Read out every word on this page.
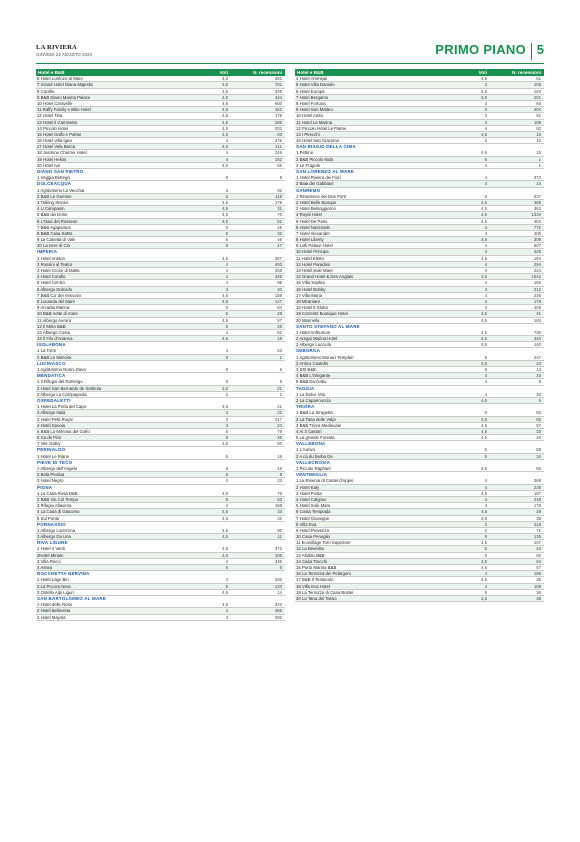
LA RIVIERA
GIOVEDÌ 22 AGOSTO 2024	PRIMO PIANO 5
Hotel e B&B	Voti	N. recensioni
6 Hotel Lorenzo al Mare	4,5	381
7 Grand Hotel Diana Majestic	4,5	781
8 Corallo	4,5	328
9 B&B Diano Marina Palace	4,5	444
10 Hotel Caravelle	4,5	650
11 Raffy Family e Bike Hotel	4,5	462
12 Hotel Tina	4,5	178
13 Hotel Il Caminetto	4,5	286
14 Piccolo Hotel	4,5	202
15 Hotel Golfo e Palme	4,5	63
16 Hotel Villa Igea	4	376
17 Hotel Vela Barca	4,5	211
18 Jasmine Charme Hotel	4	245
19 Hotel Helios	4	162
20 Hotel Iva	4,5	66
DIANO SAN PIETRO
1 Veggia Bottega	5	8
DOLCEACQUA
1 Agriturismo La Vecchia	3	92
2 B&B Le Gemme	5	119
3 Talking Stones	4,5	179
4 U Campanin	4,5	31
5 B&B dei Dorie	4,5	70
6 L'Oasi del Rossese	4,5	51
7 B&B Agapantus	5	45
8 B&B Casa KaRa	5	32
9 La Casetta di Vale	5	46
10 La torre di Clo	5	17
IMPERIA
1 Hotel Ariston	4,5	367
2 Rossini al Teatro	4	493
3 Hotel Croce di Malta	4	255
4 Hotel Corallo	4	348
5 Hotel Centro	4	98
6 Albergo Dolcedo	4	40
7 B&B Ca' del Vescovo	4,5	159
8 Locanda del Mare	4,5	127
9 Arcadia Marina	5	64
10 B&B notte di mare	5	28
11 Albergo Aurora	4,5	57
12 Il Mirto B&B	5	28
13 Albergo Costa	4	62
14 Il Filo d'Arianna	4,5	19
ISOLABONA
1 La Torre	4	23
2 B&B Le Mimose	5	1
LUCINASCO
1 Agriturismo Nonni Dava	5	6
MENDATICA
1 Il Rifugio del Ramingo	5	5
2 Hotel San Bernardo de Settimia	3,5	21
3 Albergo La Campagnola	2	1
OSPEDALETTI
1 Hotel La Perla del Capo	3,5	21
2 Albergo Italia	4	22
3 Hotel Petit Royal	3	217
4 Hotel Savoia	4	24
5 B&B La Mimosa del Golfo	5	78
6 Ca de Pria	5	45
7 Vile Gabry	4,5	50
PERINALDO
1 Hotel Le Riane	5	16
PIEVE DI TECO
1 Albergo dell'Angelo	5	16
2 Bela Perdua	5	8
3 Hotel Negro	4	23
PIGNA
1 La Casa Rosa B&B	4,5	76
2 B&B Via Col Tempo	5	63
3 Rifugio Allavena	4	168
4 La Casa di Giacomo	4,5	33
5 Sul Ponte	4,5	32
PORNASSIO
1 Albergo Lorenzina	4,5	90
2 Albergo Da Una	4,5	11
RIVA LIGURE
1 Hotel 4 Venti	4,5	372
2Hotel Miriam	4,5	106
3 Villa Rocci	4	335
4 Asseu	5	6
ROCCHETTA NERVINA
1 Hotel Lago Bin	4	320
2 La Pecora Nera	5	120
3 Ostello Alpi Liguri	4,5	14
SAN BARTOLOMEO AL MARE
1 Hotel delle Rose	4,5	323
2 Hotel Bellavista	4	465
3 Hotel Mayola	4	392
Hotel e B&B	Voti	N. recensioni
4 Hotel Ammiraii	4,5	61
5 Hotel Villa Daniele	4	109
6 Hotel Europa	3,5	164
7 Hotel Bergamo	3,5	201
8 Hotel Fortuna	3	60
9 Hotel San Matteo	3	204
10 Hotel Anita	3	91
11 Hotel La Marina	3	199
12 Piccolo Hotel Le Palme	4	82
14 I Pirecchi	4,5	16
15 Hotel San Giacomo	3	10
SAN BIAGIO DELLA CIMA
1 Pettirui	4,5	15
2 B&B Piccolo Nido	5	1
3 Le Fragole	4	1
SAN LORENZO AL MARE
1 Hotel Riviera dei Fiori	4	373
2 Baia dei Gabbiani	4	24
SANREMO
1 Residence dei Due Porti	5	537
2 Hotel Belle Epoque	4,5	455
3 Hotel Belsoggiorno	4,5	363
4 Royal Hotel	4,5	1334
5 Hotel De Paris	4,5	462
6 Hotel Nazionale	4	772
7 Hotel Alexander	4	406
8 Hotel Liberty	4,5	309
9 Lolli Palace Hotel	4	607
10 Hotel Principe	4	425
11 Hotel Eletto	4,5	160
12 Hotel Paradiso	4	294
13 Hotel Sole Mare	4	224
14 Grand Hotel & Des Anglais	3,5	1542
15 Villa Sophia	4	155
16 Hotel Bobby	4	212
17 Villa Maria	4	226
18 Miramare	4	179
18 Hotel Il Globo	4	406
19 Corrents Boutique Hotel	4,5	41
20 Marinella	3,5	163
SANTO STEFANO AL MARE
1 Hotel Anthurium	4,5	730
2 Aregai Marina Hotel	3,5	343
3 Albergo Lucciola	3,5	140
SEBORGA
1 Agriturismo Monaci Templari	5	247
2 Antico Castello	4,5	23
3 S'B B&B	5	13
4 B&B L'intrigante	4	16
5 B&B Da Gabu	4	8
TAGGIA
1 La Dolce Vita	4	33
2 La Capannuccia	4,5	5
TRIORA
1 B&B La Stragetta	5	92
2 La Tana delle Volpi	4,5	55
3 B&B Triora Medievale	4,5	57
4 Ai 3 Castori	4,5	33
5 La grande Foresta	4,5	20
VALLEBONA
1 L'Aurivu	5	58
2 A cà du barba Ge	5	34
VALLECROSIA
1 Piccolo Raphael	3,5	56
VENTIMIGLIA
1 La Riserva di Castel d'Appio	4	368
2 Hotel Kaly	4	238
3 Hotel Posta	4,5	187
4 Hotel Calypso	4	218
5 Hotel Sole Mare	4	176
6 Costa Tempiada	4,5	28
7 Hotel Giuseppe	3,5	38
8 Villa Eva	3	218
9 Hotel Provenza	2	71
10 Casa Penoglio	5	135
11 Ecovillage Torri Superiore	4,5	107
12 La Beverita	5	24
13 Altoblu B&B	5	55
14 Casa Trucchi	4,5	64
15 Porto Marina B&B	4,5	57
16 La Terrazza dei Pelargoni	4	159
17 B&B Il Tentacolo	4,5	38
18 Villa Eva Hotel	4	109
19 La Terrazza di Casa Bostei	5	36
20 La Tana del Tasso	4,5	38
